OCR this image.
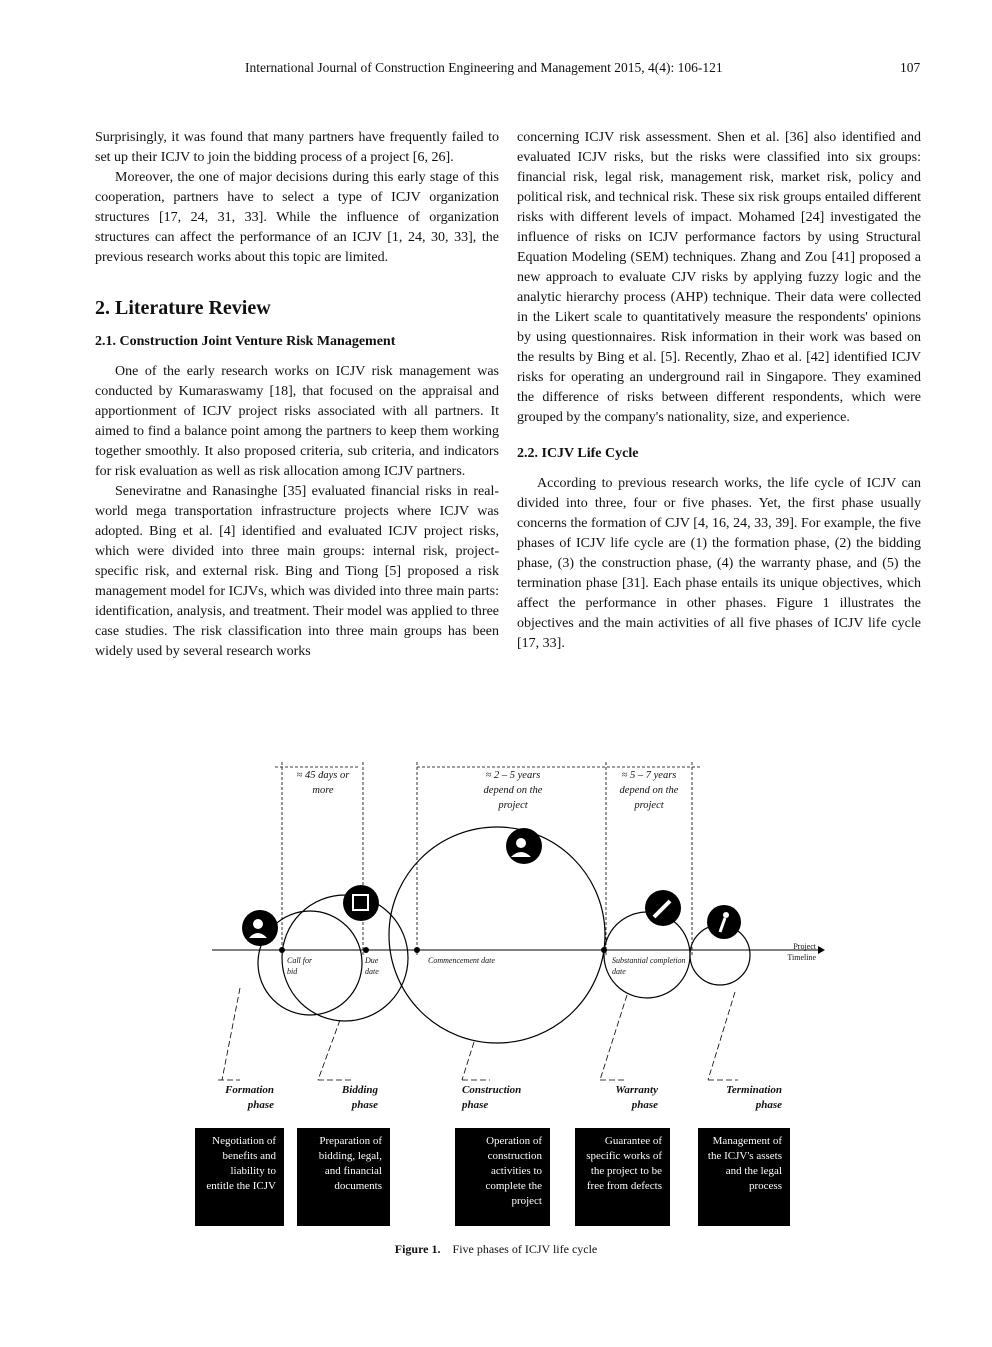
International Journal of Construction Engineering and Management 2015, 4(4): 106-121	107

Surprisingly, it was found that many partners have frequently failed to set up their ICJV to join the bidding process of a project [6, 26].

Moreover, the one of major decisions during this early stage of this cooperation, partners have to select a type of ICJV organization structures [17, 24, 31, 33]. While the influence of organization structures can affect the performance of an ICJV [1, 24, 30, 33], the previous research works about this topic are limited.

2. Literature Review
2.1. Construction Joint Venture Risk Management

One of the early research works on ICJV risk management was conducted by Kumaraswamy [18], that focused on the appraisal and apportionment of ICJV project risks associated with all partners. It aimed to find a balance point among the partners to keep them working together smoothly. It also proposed criteria, sub criteria, and indicators for risk evaluation as well as risk allocation among ICJV partners.

Seneviratne and Ranasinghe [35] evaluated financial risks in real-world mega transportation infrastructure projects where ICJV was adopted. Bing et al. [4] identified and evaluated ICJV project risks, which were divided into three main groups: internal risk, project-specific risk, and external risk. Bing and Tiong [5] proposed a risk management model for ICJVs, which was divided into three main parts: identification, analysis, and treatment. Their model was applied to three case studies. The risk classification into three main groups has been widely used by several research works

concerning ICJV risk assessment. Shen et al. [36] also identified and evaluated ICJV risks, but the risks were classified into six groups: financial risk, legal risk, management risk, market risk, policy and political risk, and technical risk. These six risk groups entailed different risks with different levels of impact. Mohamed [24] investigated the influence of risks on ICJV performance factors by using Structural Equation Modeling (SEM) techniques. Zhang and Zou [41] proposed a new approach to evaluate CJV risks by applying fuzzy logic and the analytic hierarchy process (AHP) technique. Their data were collected in the Likert scale to quantitatively measure the respondents' opinions by using questionnaires. Risk information in their work was based on the results by Bing et al. [5]. Recently, Zhao et al. [42] identified ICJV risks for operating an underground rail in Singapore. They examined the difference of risks between different respondents, which were grouped by the company's nationality, size, and experience.

2.2. ICJV Life Cycle

According to previous research works, the life cycle of ICJV can divided into three, four or five phases. Yet, the first phase usually concerns the formation of CJV [4, 16, 24, 33, 39]. For example, the five phases of ICJV life cycle are (1) the formation phase, (2) the bidding phase, (3) the construction phase, (4) the warranty phase, and (5) the termination phase [31]. Each phase entails its unique objectives, which affect the performance in other phases. Figure 1 illustrates the objectives and the main activities of all five phases of ICJV life cycle [17, 33].

≈ 45 days or
more
≈ 2 – 5 years
depend on the
project
≈ 5 – 7 years
depend on the
project
Call for bid
Due date
Commencement date	Substantial completion date
Project Timeline
Formation
phase
Bidding
phase
Construction
phase
Warranty
phase
Termination
phase
Negotiation of benefits and liability to entitle the ICJV
Preparation of bidding, legal, and financial documents
Operation of construction activities to complete the project
Guarantee of specific works of the project to be free from defects
Management of the ICJV's assets and the legal process
Figure 1. Five phases of ICJV life cycle
